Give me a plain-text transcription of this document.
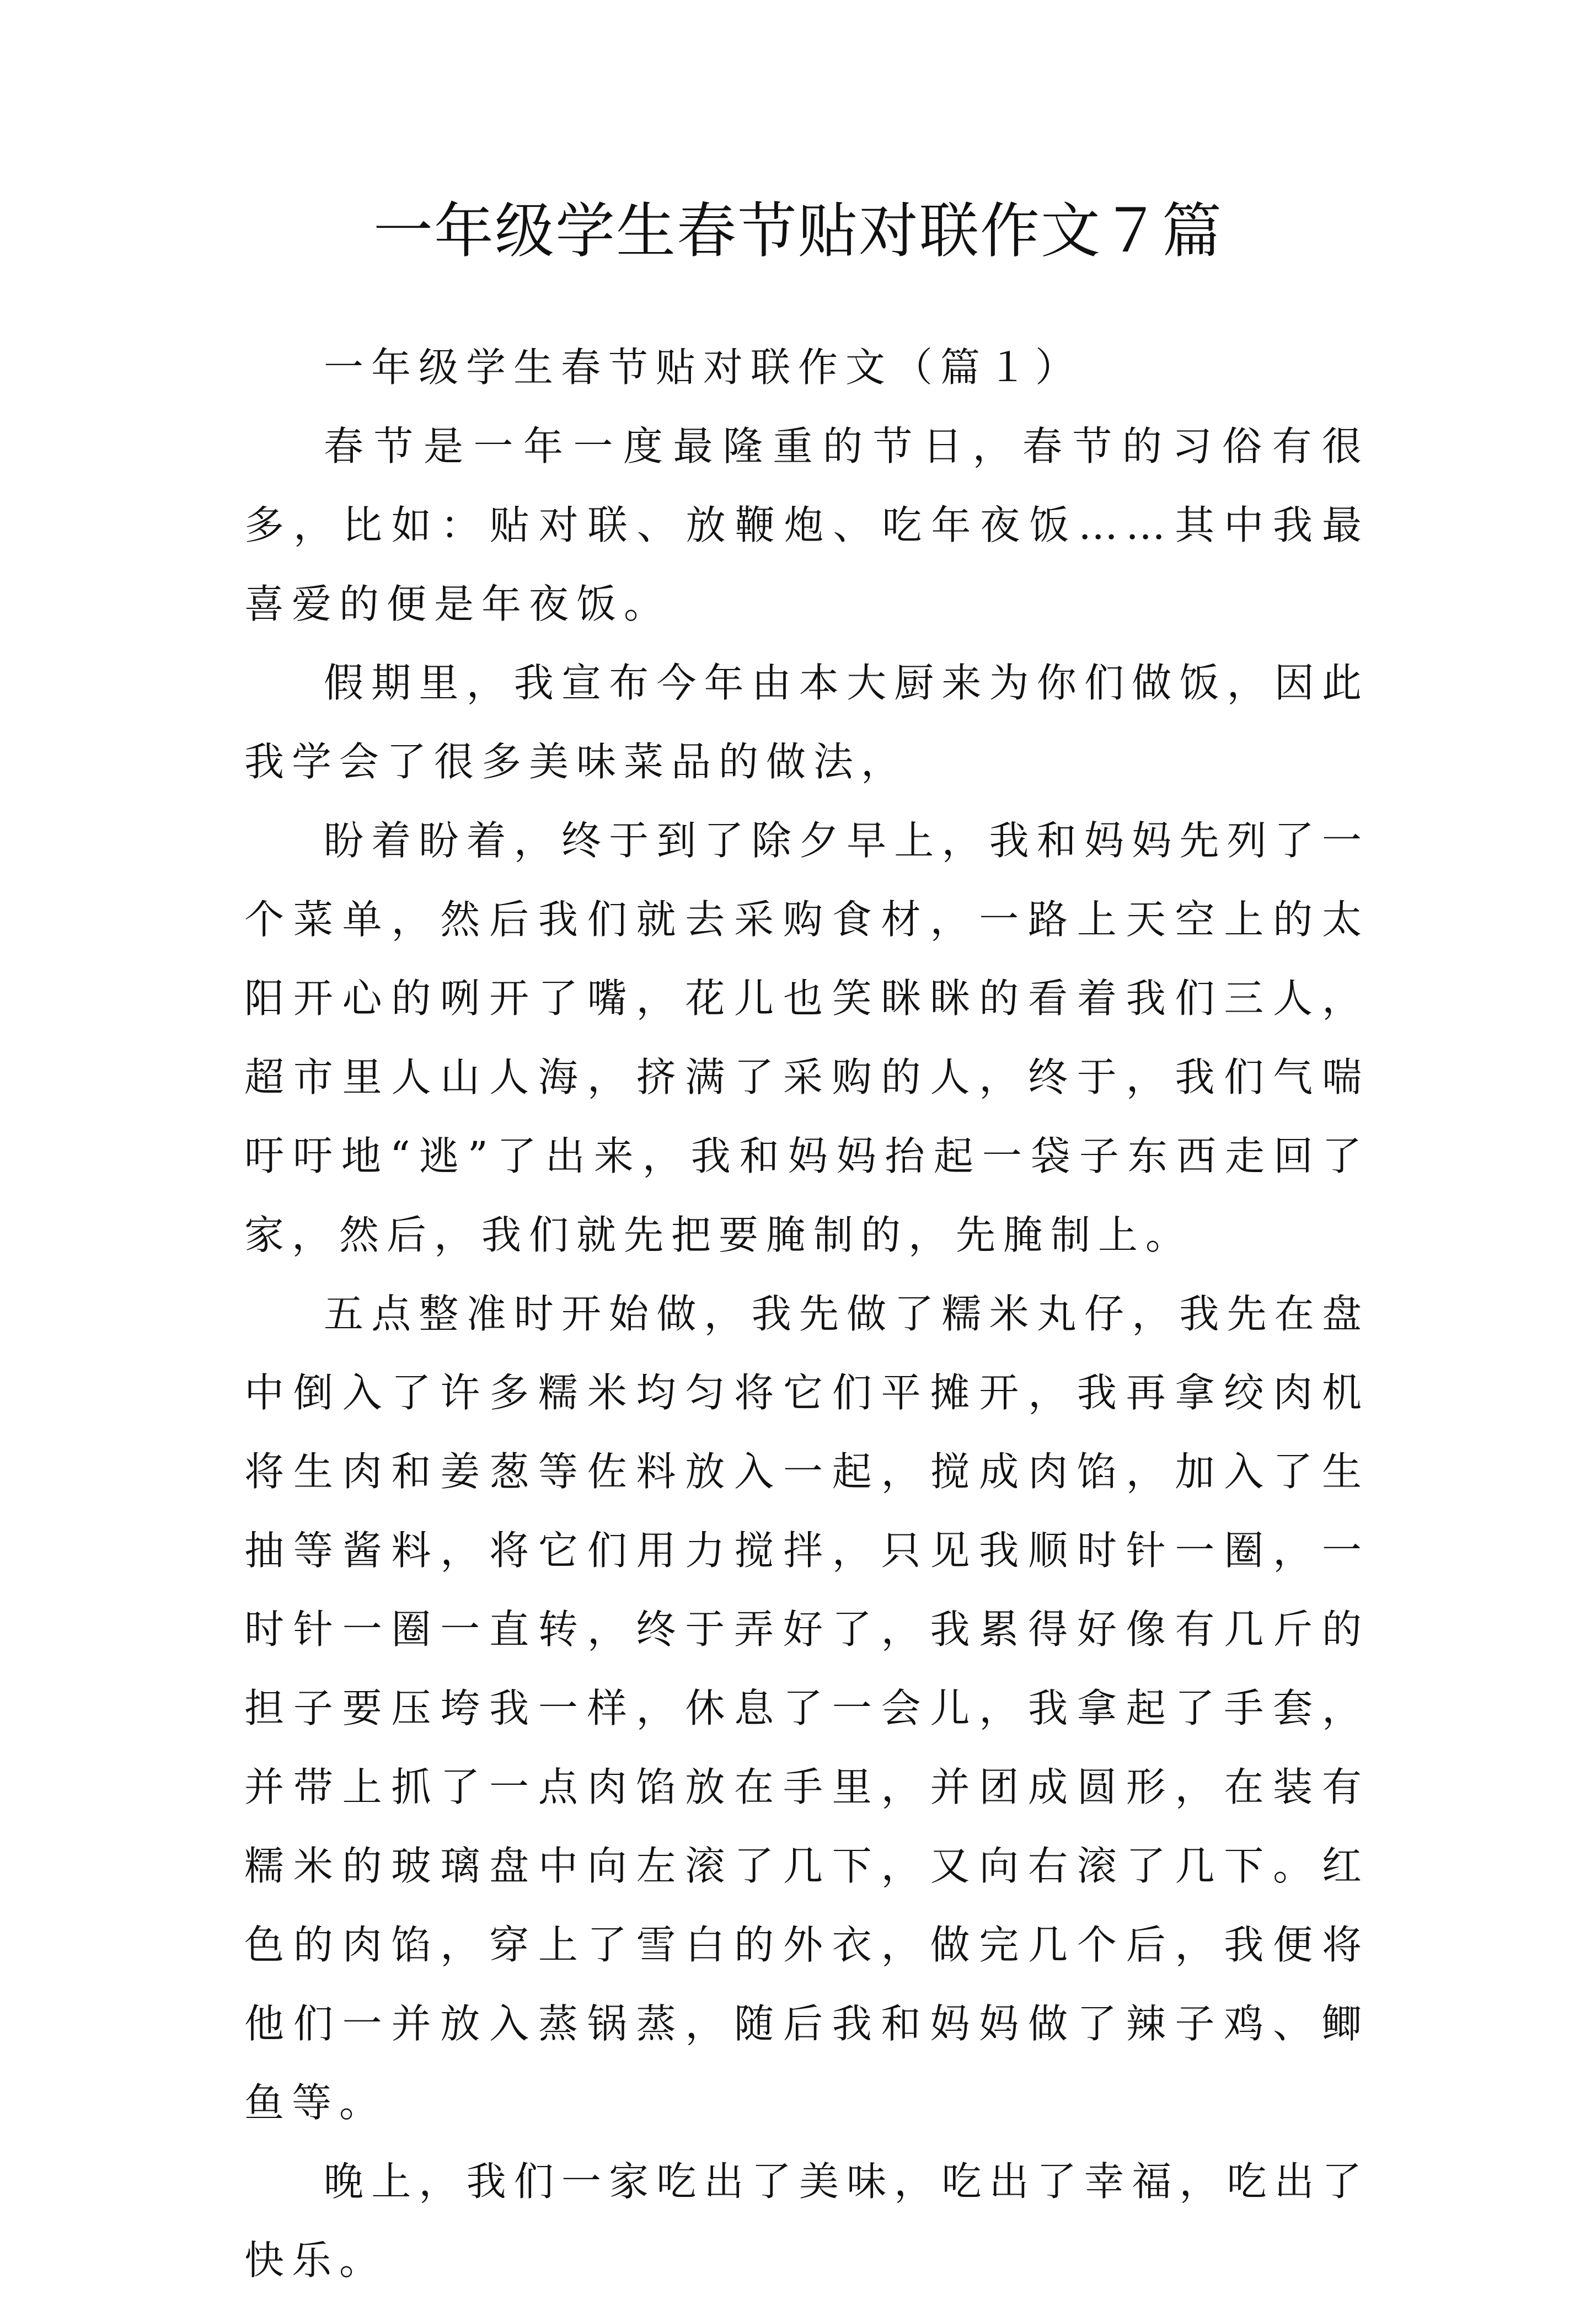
一年级学生春节贴对联作文７篇

一年级学生春节贴对联作文（篇１）

春节是一年一度最隆重的节日，春节的习俗有很多，比如：贴对联、放鞭炮、吃年夜饭……其中我最喜爱的便是年夜饭。

假期里，我宣布今年由本大厨来为你们做饭，因此我学会了很多美味菜品的做法，

盼着盼着，终于到了除夕早上，我和妈妈先列了一个菜单，然后我们就去采购食材，一路上天空上的太阳开心的咧开了嘴，花儿也笑眯眯的看着我们三人，超市里人山人海，挤满了采购的人，终于，我们气喘吁吁地“逃”了出来，我和妈妈抬起一袋子东西走回了家，然后，我们就先把要腌制的，先腌制上。

五点整准时开始做，我先做了糯米丸仔，我先在盘中倒入了许多糯米均匀将它们平摊开，我再拿绞肉机将生肉和姜葱等佐料放入一起，搅成肉馅，加入了生抽等酱料，将它们用力搅拌，只见我顺时针一圈，一时针一圈一直转，终于弄好了，我累得好像有几斤的担子要压垮我一样，休息了一会儿，我拿起了手套，并带上抓了一点肉馅放在手里，并团成圆形，在装有糯米的玻璃盘中向左滚了几下，又向右滚了几下。红色的肉馅，穿上了雪白的外衣，做完几个后，我便将他们一并放入蒸锅蒸，随后我和妈妈做了辣子鸡、鲫鱼等。

晚上，我们一家吃出了美味，吃出了幸福，吃出了快乐。
